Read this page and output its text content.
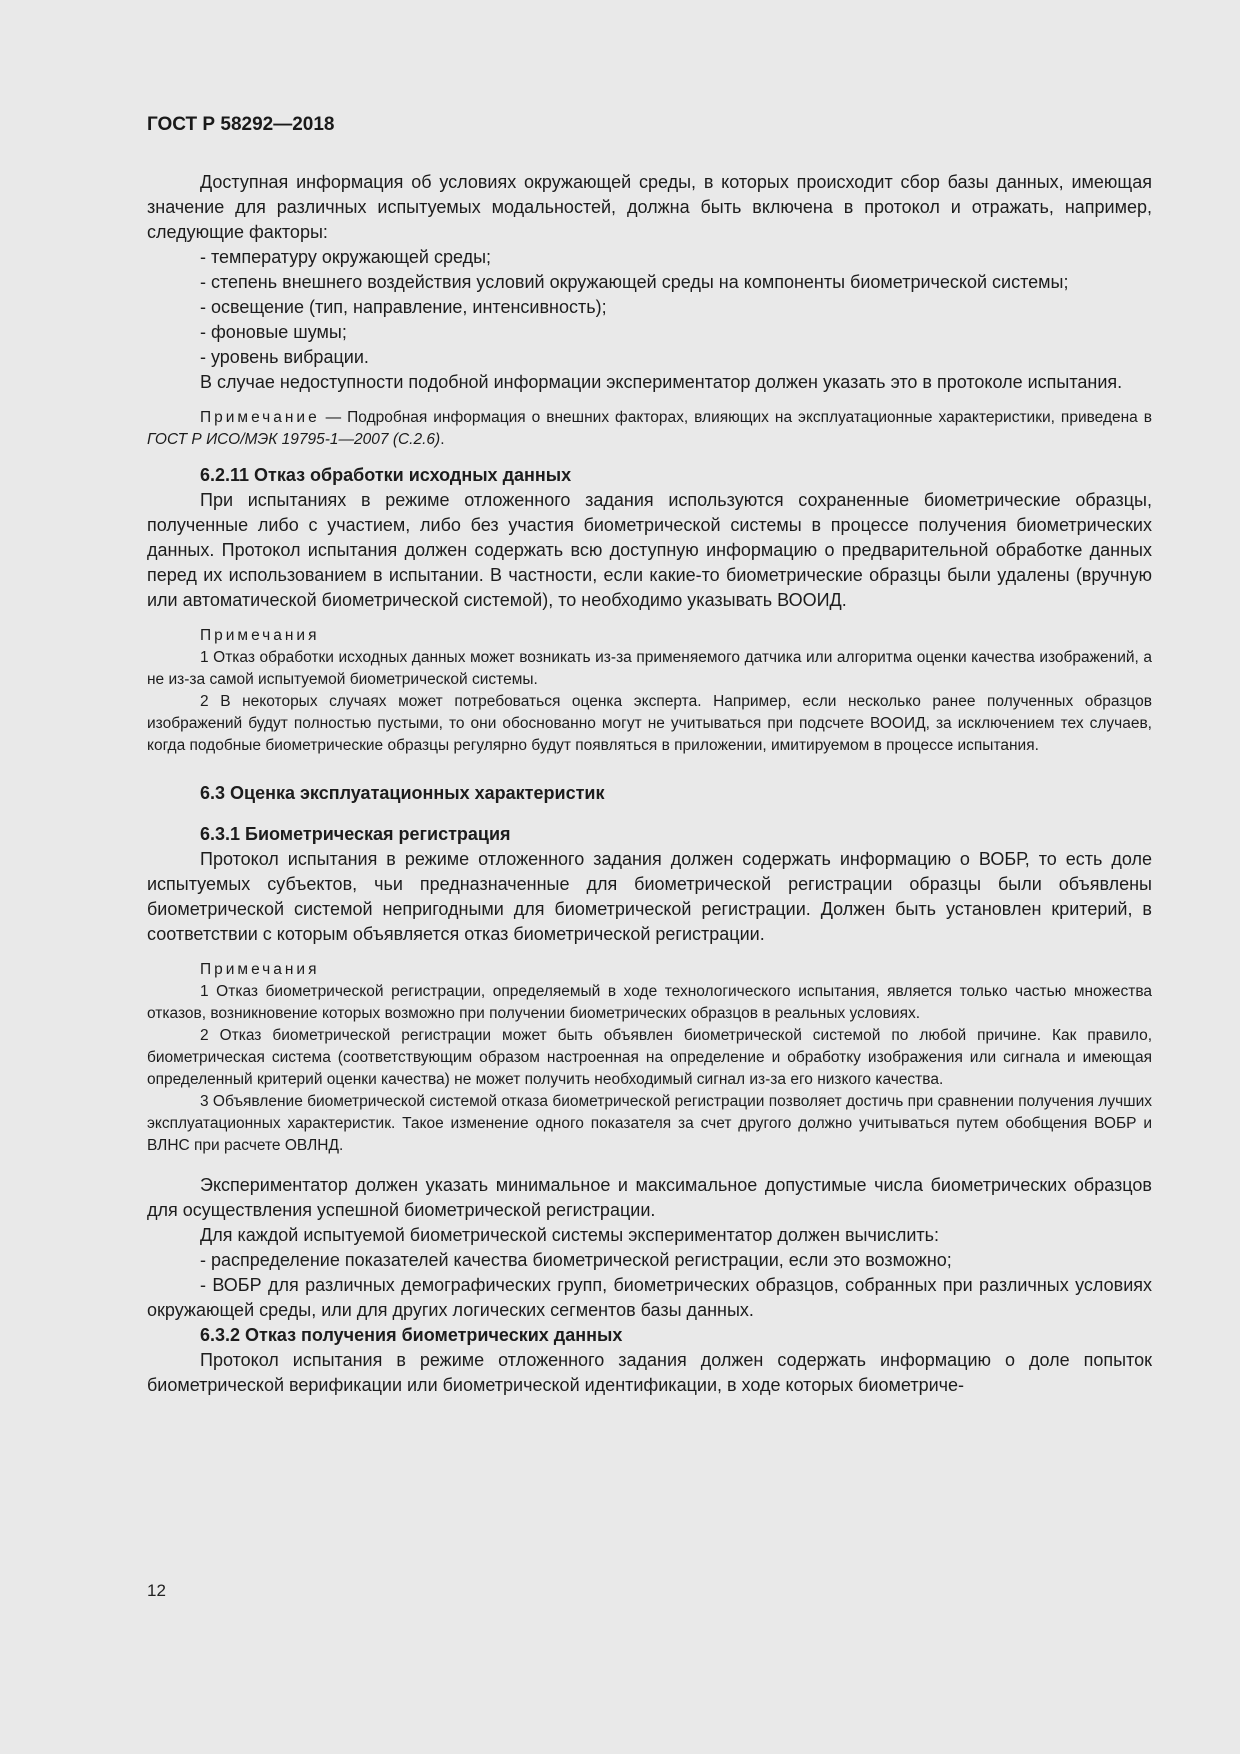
ГОСТ Р 58292—2018

Доступная информация об условиях окружающей среды, в которых происходит сбор базы данных, имеющая значение для различных испытуемых модальностей, должна быть включена в протокол и отражать, например, следующие факторы:

- температуру окружающей среды;

- степень внешнего воздействия условий окружающей среды на компоненты биометрической системы;

- освещение (тип, направление, интенсивность);

- фоновые шумы;

- уровень вибрации.

В случае недоступности подобной информации экспериментатор должен указать это в протоколе испытания.

Примечание — Подробная информация о внешних факторах, влияющих на эксплуатационные характеристики, приведена в ГОСТ Р ИСО/МЭК 19795-1—2007 (С.2.6).

6.2.11 Отказ обработки исходных данных

При испытаниях в режиме отложенного задания используются сохраненные биометрические образцы, полученные либо с участием, либо без участия биометрической системы в процессе получения биометрических данных. Протокол испытания должен содержать всю доступную информацию о предварительной обработке данных перед их использованием в испытании. В частности, если какие-то биометрические образцы были удалены (вручную или автоматической биометрической системой), то необходимо указывать ВООИД.

Примечания

1 Отказ обработки исходных данных может возникать из-за применяемого датчика или алгоритма оценки качества изображений, а не из-за самой испытуемой биометрической системы.

2 В некоторых случаях может потребоваться оценка эксперта. Например, если несколько ранее полученных образцов изображений будут полностью пустыми, то они обоснованно могут не учитываться при подсчете ВООИД, за исключением тех случаев, когда подобные биометрические образцы регулярно будут появляться в приложении, имитируемом в процессе испытания.

6.3 Оценка эксплуатационных характеристик

6.3.1 Биометрическая регистрация

Протокол испытания в режиме отложенного задания должен содержать информацию о ВОБР, то есть доле испытуемых субъектов, чьи предназначенные для биометрической регистрации образцы были объявлены биометрической системой непригодными для биометрической регистрации. Должен быть установлен критерий, в соответствии с которым объявляется отказ биометрической регистрации.

Примечания

1 Отказ биометрической регистрации, определяемый в ходе технологического испытания, является только частью множества отказов, возникновение которых возможно при получении биометрических образцов в реальных условиях.

2 Отказ биометрической регистрации может быть объявлен биометрической системой по любой причине. Как правило, биометрическая система (соответствующим образом настроенная на определение и обработку изображения или сигнала и имеющая определенный критерий оценки качества) не может получить необходимый сигнал из-за его низкого качества.

3 Объявление биометрической системой отказа биометрической регистрации позволяет достичь при сравнении получения лучших эксплуатационных характеристик. Такое изменение одного показателя за счет другого должно учитываться путем обобщения ВОБР и ВЛНС при расчете ОВЛНД.

Экспериментатор должен указать минимальное и максимальное допустимые числа биометрических образцов для осуществления успешной биометрической регистрации.

Для каждой испытуемой биометрической системы экспериментатор должен вычислить:

- распределение показателей качества биометрической регистрации, если это возможно;

- ВОБР для различных демографических групп, биометрических образцов, собранных при различных условиях окружающей среды, или для других логических сегментов базы данных.

6.3.2 Отказ получения биометрических данных

Протокол испытания в режиме отложенного задания должен содержать информацию о доле попыток биометрической верификации или биометрической идентификации, в ходе которых биометриче-

12
